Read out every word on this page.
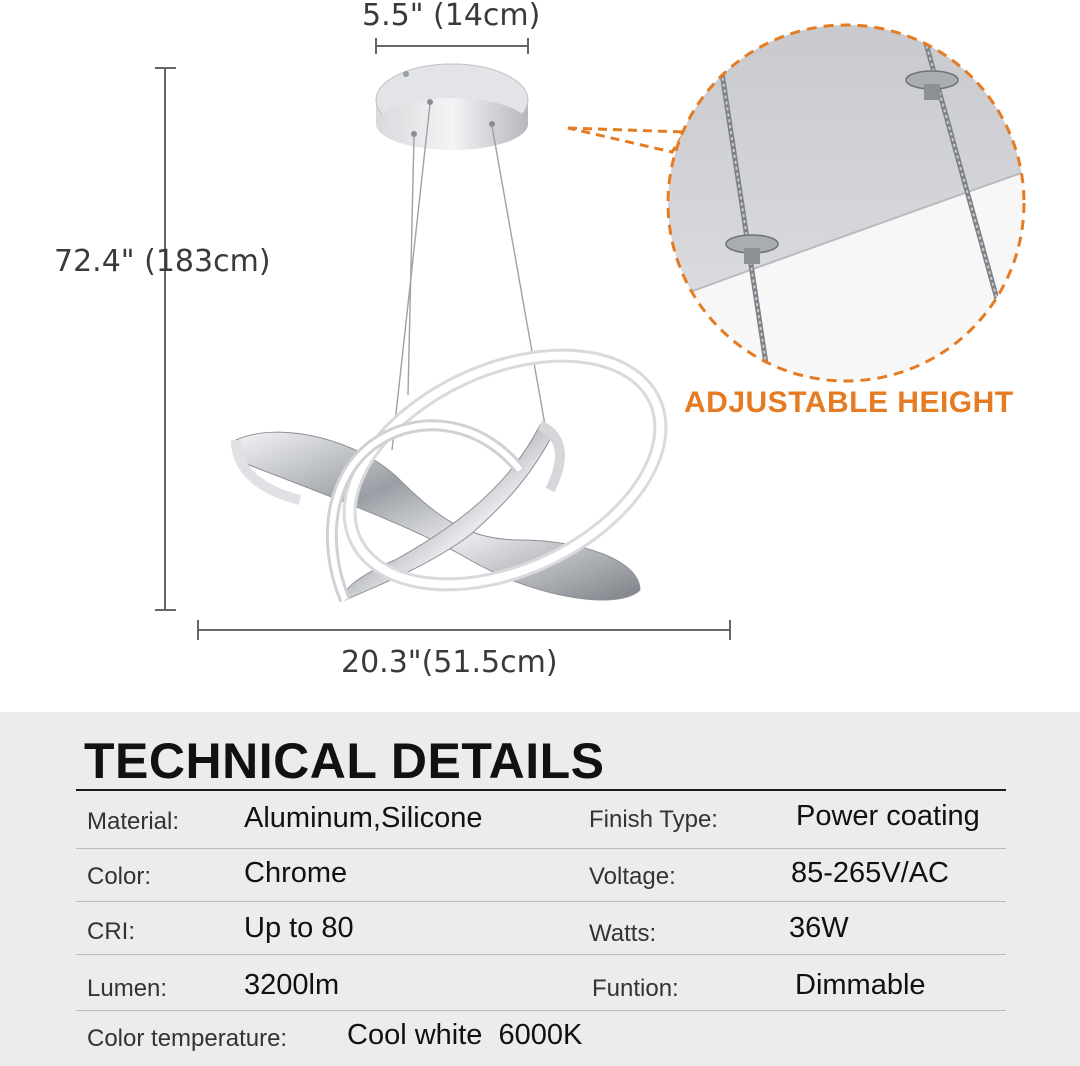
5.5" (14cm)
72.4" (183cm)
20.3"(51.5cm)
ADJUSTABLE HEIGHT
TECHNICAL DETAILS
Material: Aluminum,Silicone	Finish Type:	Power coating
Color:	Chrome	Voltage:	85-265V/AC
CRI:	Up to 80	Watts:	36W
Lumen:	3200lm	Funtion:	Dimmable
Color temperature: Cool white  6000K
